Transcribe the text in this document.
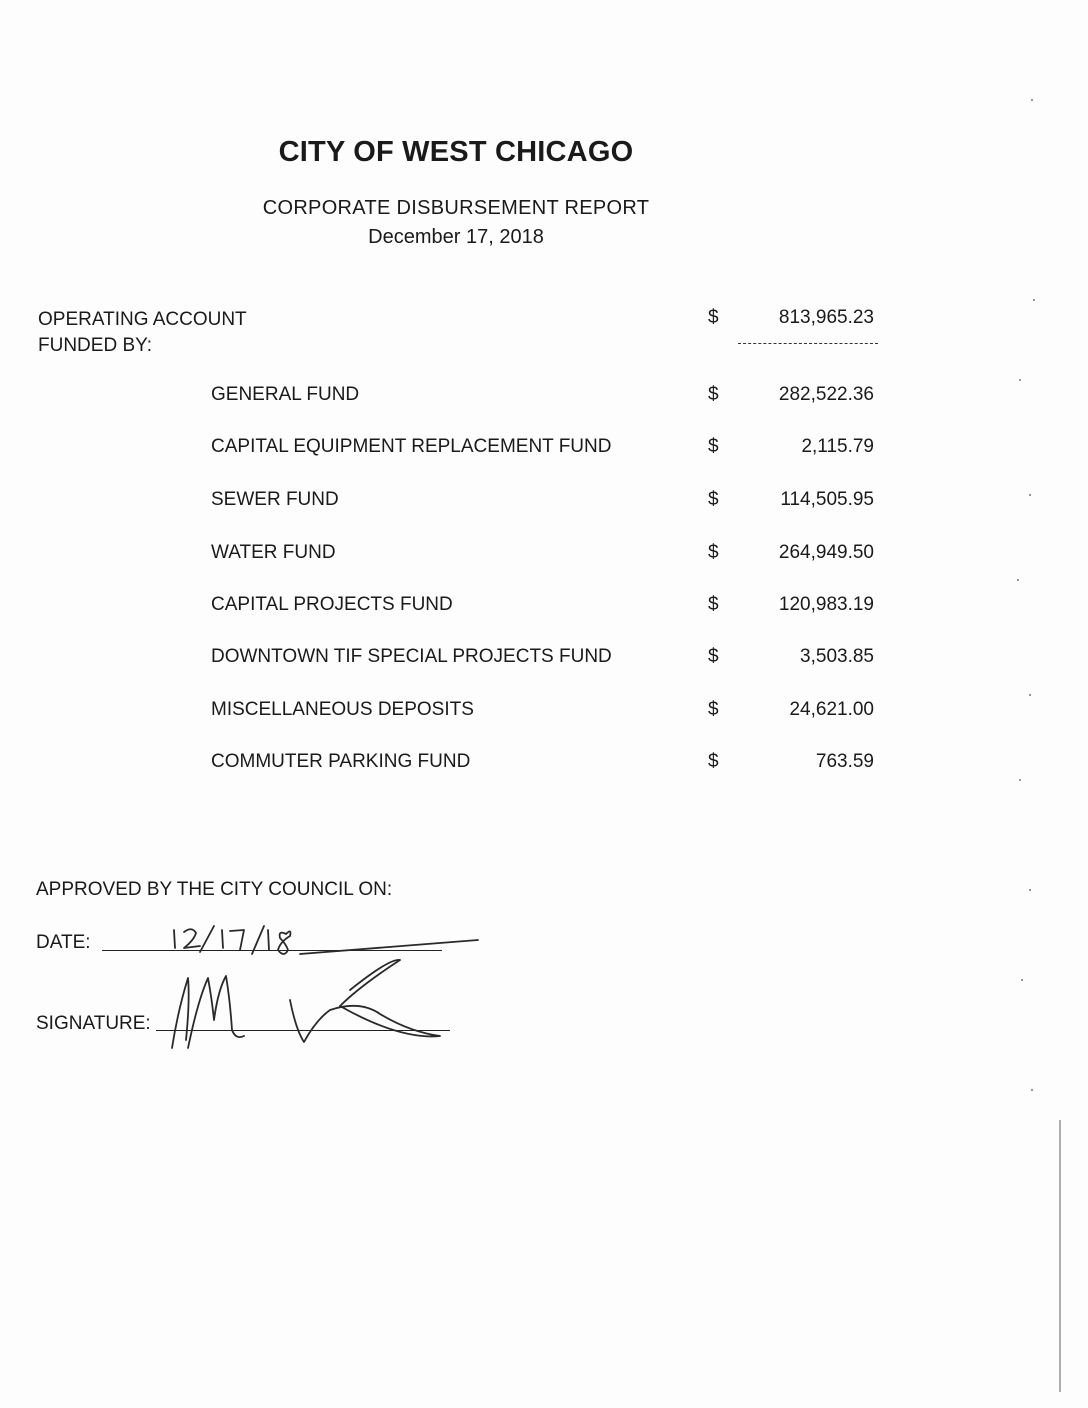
CITY OF WEST CHICAGO
CORPORATE DISBURSEMENT REPORT
December 17, 2018
OPERATING ACCOUNT
FUNDED BY:
$	813,965.23
GENERAL FUND	$	282,522.36
CAPITAL EQUIPMENT REPLACEMENT FUND	$	2,115.79
SEWER FUND	$	114,505.95
WATER FUND	$	264,949.50
CAPITAL PROJECTS FUND	$	120,983.19
DOWNTOWN TIF SPECIAL PROJECTS FUND	$	3,503.85
MISCELLANEOUS DEPOSITS	$	24,621.00
COMMUTER PARKING FUND	$	763.59
APPROVED BY THE CITY COUNCIL ON:
DATE:
SIGNATURE:
